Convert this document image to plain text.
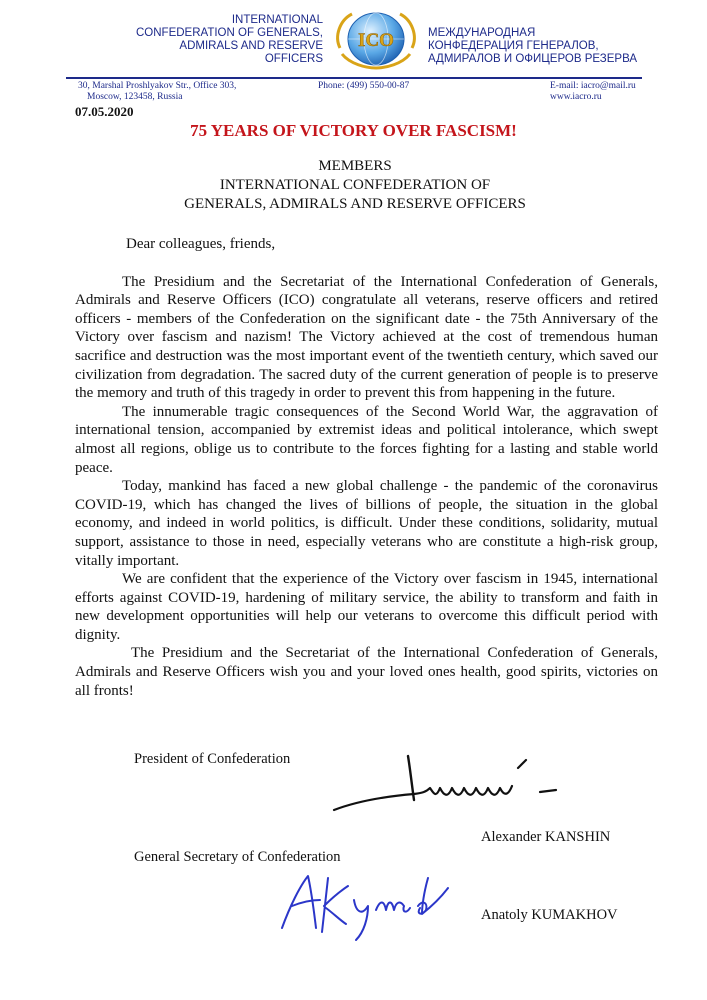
INTERNATIONAL
CONFEDERATION OF GENERALS,
ADMIRALS AND RESERVE OFFICERS
ICO	МЕЖДУНАРОДНАЯ
КОНФЕДЕРАЦИЯ ГЕНЕРАЛОВ,
АДМИРАЛОВ И ОФИЦЕРОВ РЕЗЕРВА
30, Marshal Proshlyakov Str., Office 303,
Moscow, 123458, Russia
Phone: (499) 550-00-87	E-mail: iacro@mail.ru
www.iacro.ru
07.05.2020
75 YEARS OF VICTORY OVER FASCISM!
MEMBERS
INTERNATIONAL CONFEDERATION OF
GENERALS, ADMIRALS AND RESERVE OFFICERS

Dear colleagues, friends,

The Presidium and the Secretariat of the International Confederation of Generals, Admirals and Reserve Officers (ICO) congratulate all veterans, reserve officers and retired officers - members of the Confederation on the significant date - the 75th Anniversary of the Victory over fascism and nazism! The Victory achieved at the cost of tremendous human sacrifice and destruction was the most important event of the twentieth century, which saved our civilization from degradation. The sacred duty of the current generation of people is to preserve the memory and truth of this tragedy in order to prevent this from happening in the future.

The innumerable tragic consequences of the Second World War, the aggravation of international tension, accompanied by extremist ideas and political intolerance, which swept almost all regions, oblige us to contribute to the forces fighting for a lasting and stable world peace.

Today, mankind has faced a new global challenge - the pandemic of the coronavirus COVID-19, which has changed the lives of billions of people, the situation in the global economy, and indeed in world politics, is difficult. Under these conditions, solidarity, mutual support, assistance to those in need, especially veterans who are constitute a high-risk group, vitally important.

We are confident that the experience of the Victory over fascism in 1945, international efforts against COVID-19, hardening of military service, the ability to transform and faith in new development opportunities will help our veterans to overcome this difficult period with dignity.

The Presidium and the Secretariat of the International Confederation of Generals, Admirals and Reserve Officers wish you and your loved ones health, good spirits, victories on all fronts!

President of Confederation
Alexander KANSHIN
General Secretary of Confederation
Anatoly KUMAKHOV
